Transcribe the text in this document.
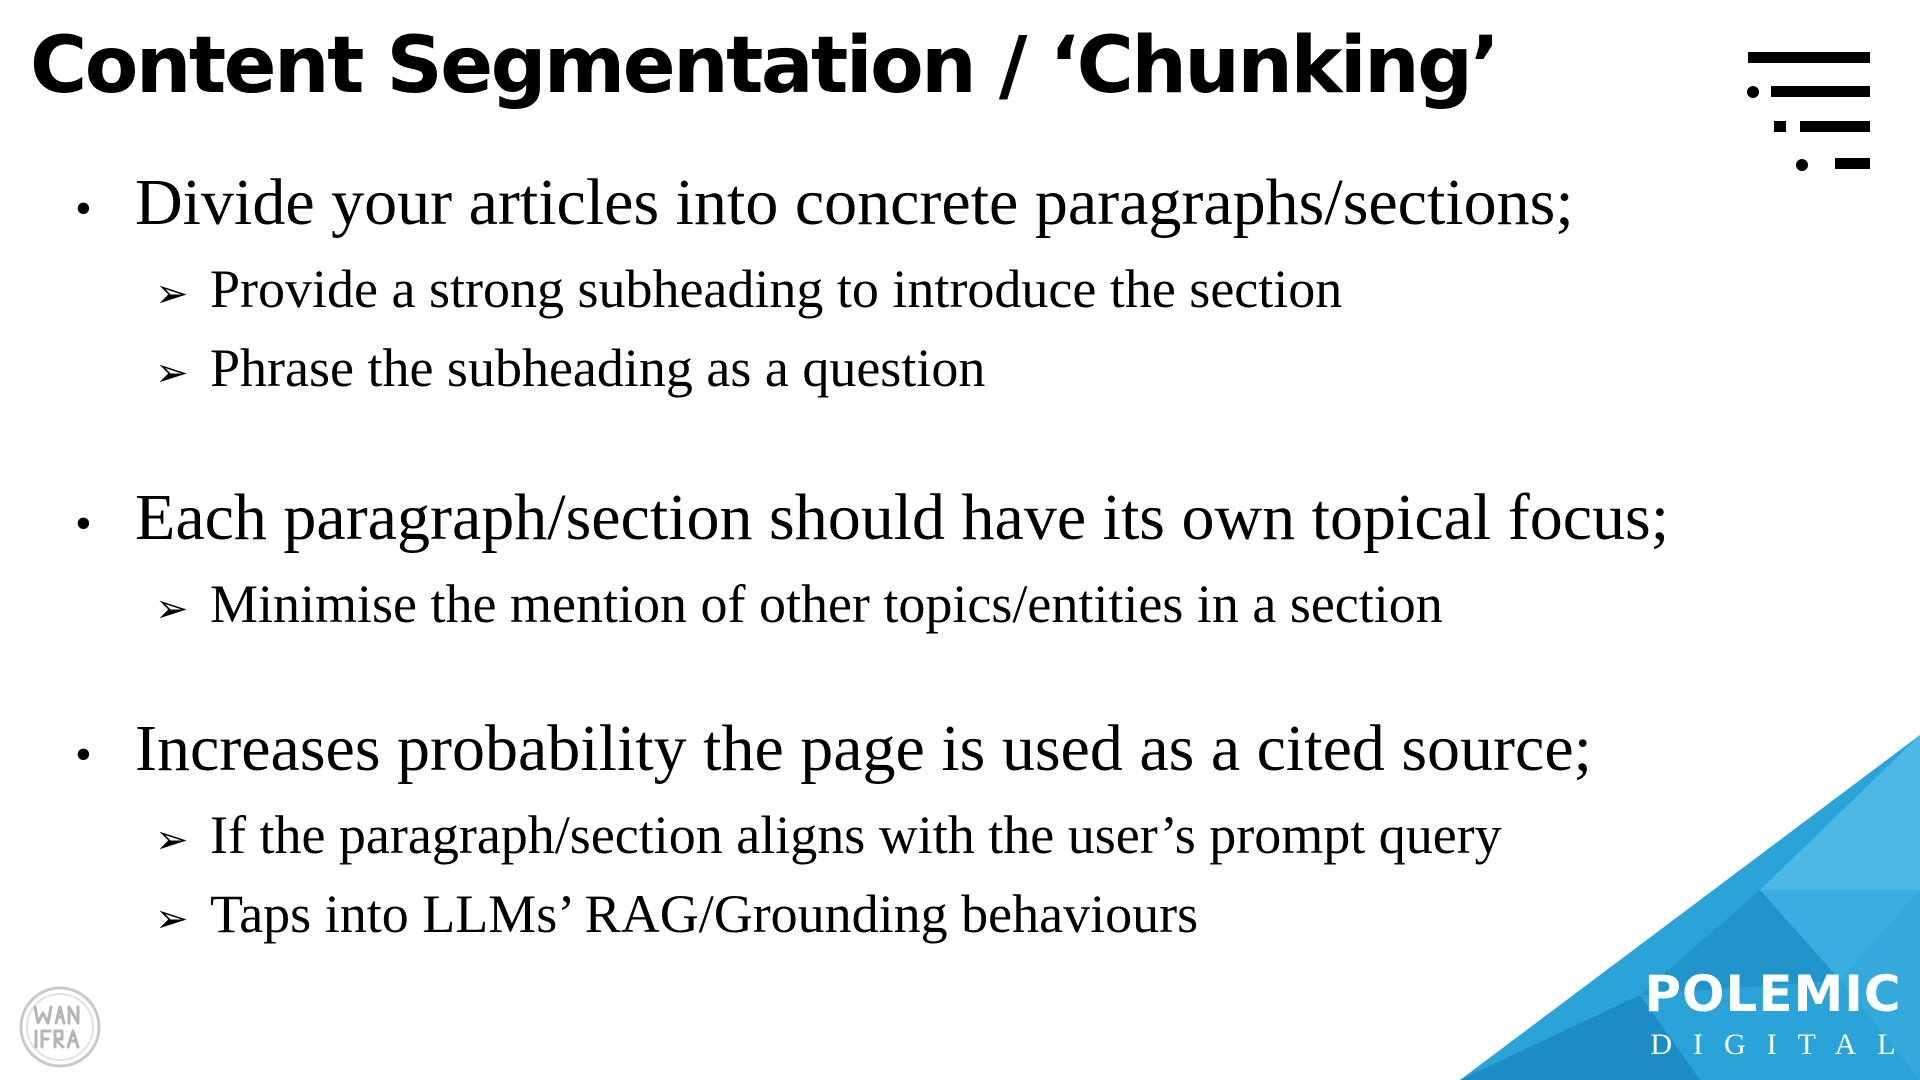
Content Segmentation / ‘Chunking’
• Divide your articles into concrete paragraphs/sections;
➢ Provide a strong subheading to introduce the section
➢ Phrase the subheading as a question
• Each paragraph/section should have its own topical focus;
➢ Minimise the mention of other topics/entities in a section
• Increases probability the page is used as a cited source;
➢ If the paragraph/section aligns with the user’s prompt query
➢ Taps into LLMs’ RAG/Grounding behaviours
POLEMIC
DIGITAL
